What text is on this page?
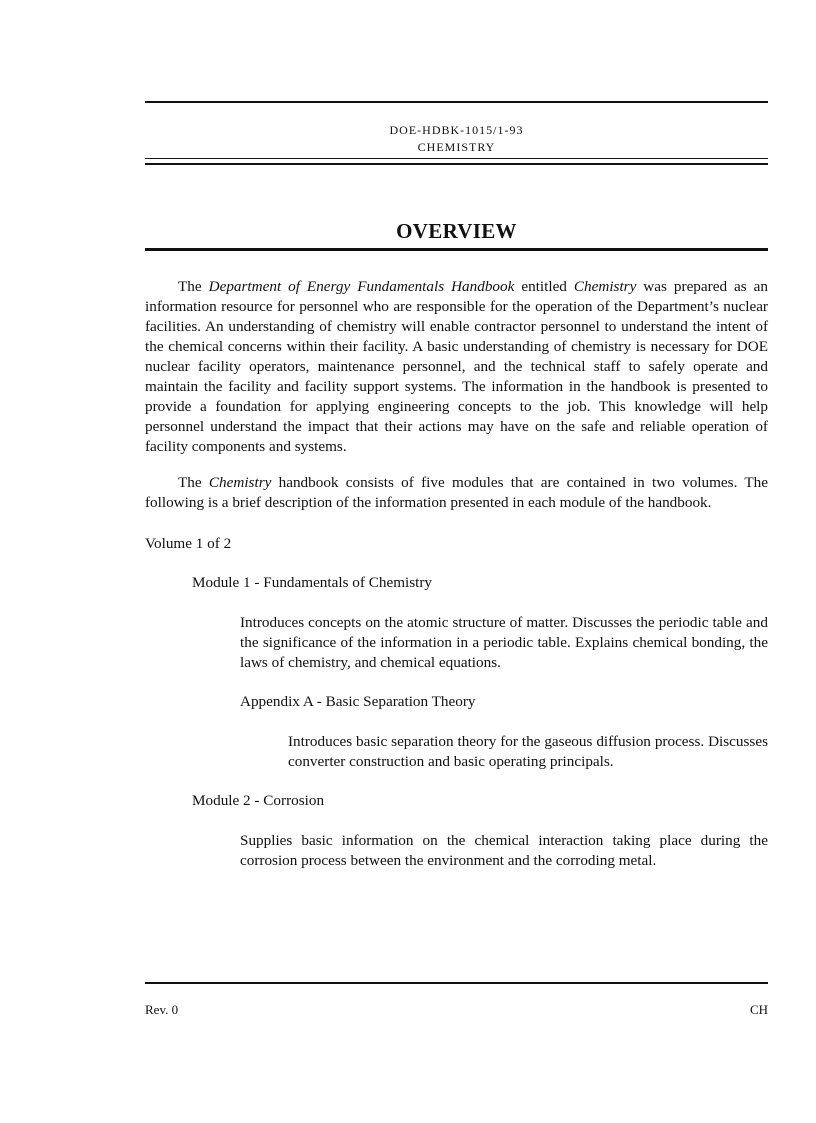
DOE-HDBK-1015/1-93
CHEMISTRY
OVERVIEW

The Department of Energy Fundamentals Handbook entitled Chemistry was prepared as an information resource for personnel who are responsible for the operation of the Department’s nuclear facilities. An understanding of chemistry will enable contractor personnel to understand the intent of the chemical concerns within their facility. A basic understanding of chemistry is necessary for DOE nuclear facility operators, maintenance personnel, and the technical staff to safely operate and maintain the facility and facility support systems. The information in the handbook is presented to provide a foundation for applying engineering concepts to the job. This knowledge will help personnel understand the impact that their actions may have on the safe and reliable operation of facility components and systems.

The Chemistry handbook consists of five modules that are contained in two volumes. The following is a brief description of the information presented in each module of the handbook.

Volume 1 of 2

Module 1 - Fundamentals of Chemistry

Introduces concepts on the atomic structure of matter. Discusses the periodic table and the significance of the information in a periodic table. Explains chemical bonding, the laws of chemistry, and chemical equations.

Appendix A - Basic Separation Theory

Introduces basic separation theory for the gaseous diffusion process. Discusses converter construction and basic operating principals.

Module 2 - Corrosion

Supplies basic information on the chemical interaction taking place during the corrosion process between the environment and the corroding metal.

Rev. 0	CH
